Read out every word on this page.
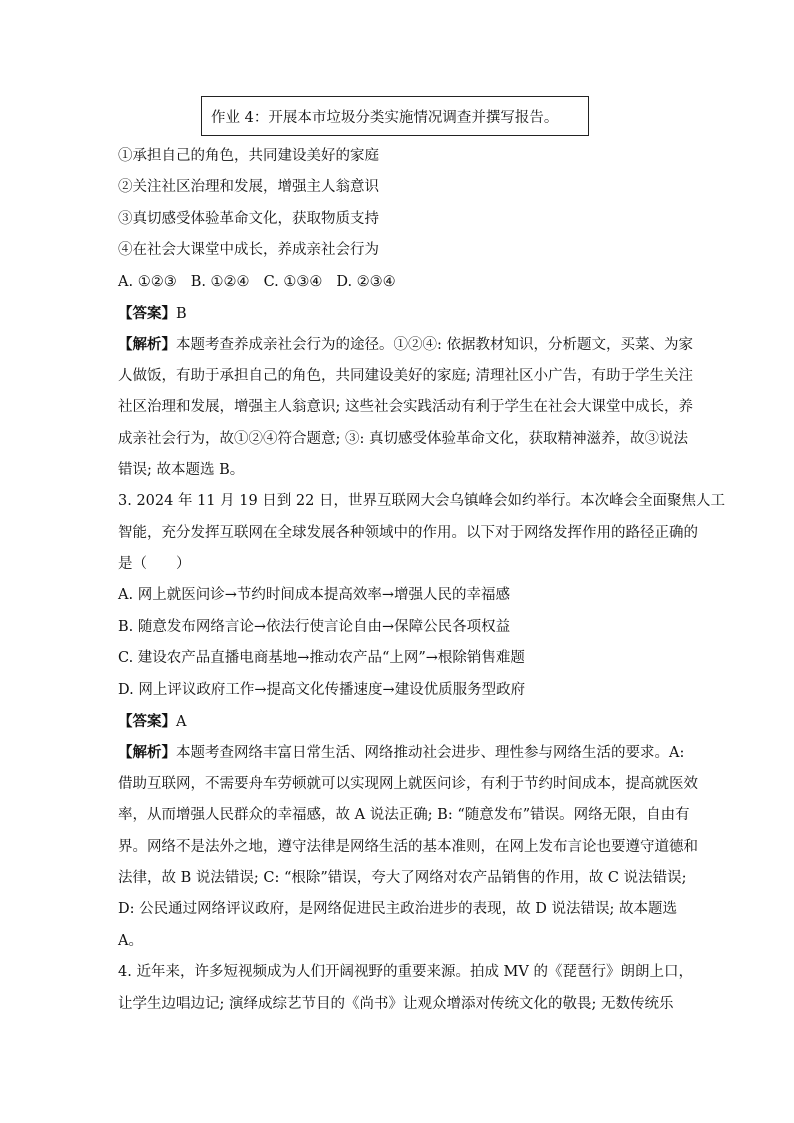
作业 4：开展本市垃圾分类实施情况调查并撰写报告。
①承担自己的角色，共同建设美好的家庭
②关注社区治理和发展，增强主人翁意识
③真切感受体验革命文化，获取物质支持
④在社会大课堂中成长，养成亲社会行为
A. ①②③ B. ①②④ C. ①③④ D. ②③④
【答案】B
【解析】本题考查养成亲社会行为的途径。①②④: 依据教材知识，分析题文，买菜、为家
人做饭，有助于承担自己的角色，共同建设美好的家庭; 清理社区小广告，有助于学生关注
社区治理和发展，增强主人翁意识; 这些社会实践活动有利于学生在社会大课堂中成长，养
成亲社会行为，故①②④符合题意; ③: 真切感受体验革命文化，获取精神滋养，故③说法
错误; 故本题选 B。
3. 2024 年 11 月 19 日到 22 日，世界互联网大会乌镇峰会如约举行。本次峰会全面聚焦人工
智能，充分发挥互联网在全球发展各种领域中的作用。以下对于网络发挥作用的路径正确的
是（　　）
A. 网上就医问诊→节约时间成本提高效率→增强人民的幸福感
B. 随意发布网络言论→依法行使言论自由→保障公民各项权益
C. 建设农产品直播电商基地→推动农产品“上网”→根除销售难题
D. 网上评议政府工作→提高文化传播速度→建设优质服务型政府
【答案】A
【解析】本题考查网络丰富日常生活、网络推动社会进步、理性参与网络生活的要求。A:
借助互联网，不需要舟车劳顿就可以实现网上就医问诊，有利于节约时间成本，提高就医效
率，从而增强人民群众的幸福感，故 A 说法正确; B: “随意发布”错误。网络无限，自由有
界。网络不是法外之地，遵守法律是网络生活的基本准则，在网上发布言论也要遵守道德和
法律，故 B 说法错误; C: “根除”错误，夸大了网络对农产品销售的作用，故 C 说法错误;
D: 公民通过网络评议政府，是网络促进民主政治进步的表现，故 D 说法错误; 故本题选
A。
4. 近年来，许多短视频成为人们开阔视野的重要来源。拍成 MV 的《琵琶行》朗朗上口，
让学生边唱边记; 演绎成综艺节目的《尚书》让观众增添对传统文化的敬畏; 无数传统乐
